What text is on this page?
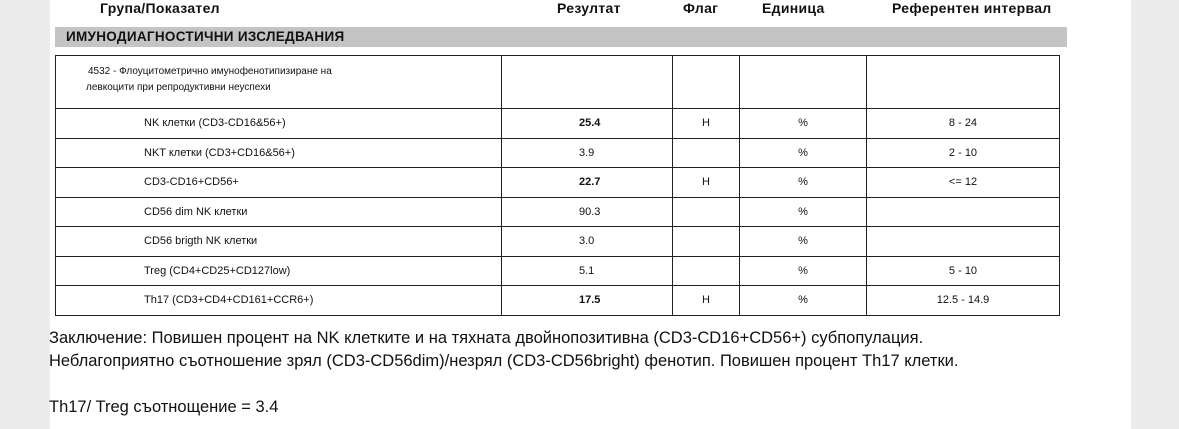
Група/Показател	Резултат	Флаг	Единица	Референтен интервал
ИМУНОДИАГНОСТИЧНИ ИЗСЛЕДВАНИЯ
4532 - Флоуцитометрично имунофенотипизиране на
левкоцити при репродуктивни неуспехи				

NK клетки (CD3-CD16&56+)	25.4	H	%	8 - 24
NKT клетки (CD3+CD16&56+)	3.9		%	2 - 10
CD3-CD16+CD56+	22.7	H	%	<= 12
CD56 dim NK клетки	90.3		%	
CD56 brigth NK клетки	3.0		%	
Treg (CD4+CD25+CD127low)	5.1		%	5 - 10
Th17 (CD3+CD4+CD161+CCR6+)	17.5	H	%	12.5 - 14.9
Заключение: Повишен процент на NK клетките и на тяхната двойнопозитивна (CD3-CD16+CD56+) субпопулация.
Неблагоприятно съотношение зрял (CD3-CD56dim)/незрял (CD3-CD56bright) фенотип. Повишен процент Th17 клетки.
Th17/ Treg съотнощение = 3.4
